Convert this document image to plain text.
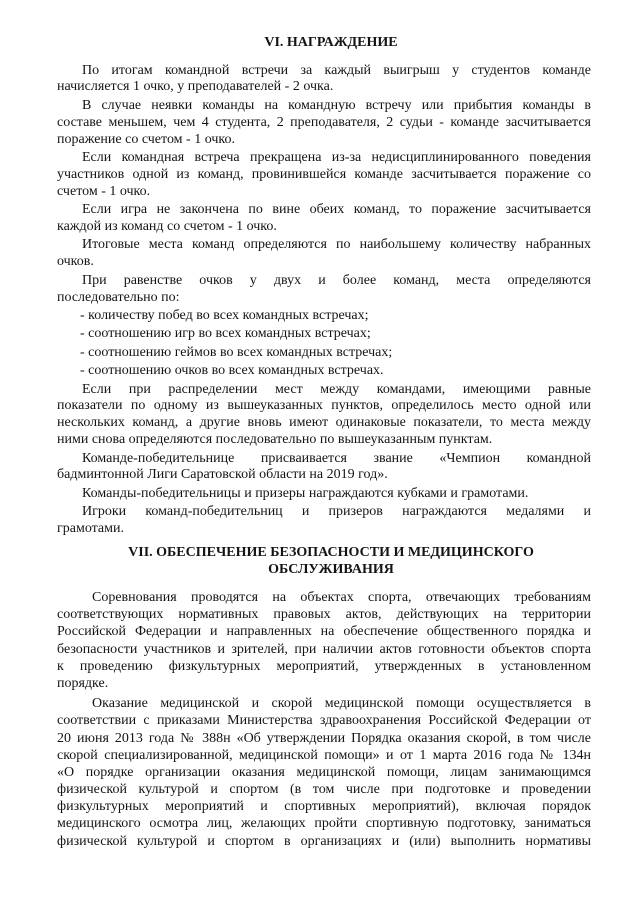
VI. НАГРАЖДЕНИЕ
По итогам командной встречи за каждый выигрыш у студентов команде
начисляется 1 очко, у преподавателей - 2 очка.
В случае неявки команды на командную встречу или прибытия команды в
составе меньшем, чем 4 студента, 2 преподавателя, 2 судьи - команде засчитывается
поражение со счетом - 1 очко.
Если командная встреча прекращена из-за недисциплинированного поведения
участников одной из команд, провинившейся команде засчитывается поражение со
счетом - 1 очко.
Если игра не закончена по вине обеих команд, то поражение засчитывается
каждой из команд со счетом - 1 очко.
Итоговые места команд определяются по наибольшему количеству набранных
очков.
При равенстве очков у двух и более команд, места определяются
последовательно по:
- количеству побед во всех командных встречах;
- соотношению игр во всех командных встречах;
- соотношению геймов во всех командных встречах;
- соотношению очков во всех командных встречах.
Если при распределении мест между командами, имеющими равные
показатели по одному из вышеуказанных пунктов, определилось место одной или
нескольких команд, а другие вновь имеют одинаковые показатели, то места между
ними снова определяются последовательно по вышеуказанным пунктам.
Команде-победительнице присваивается звание «Чемпион командной
бадминтонной Лиги Саратовской области на 2019 год».
Команды-победительницы и призеры награждаются кубками и грамотами.
Игроки команд-победительниц и призеров награждаются медалями и
грамотами.
VII. ОБЕСПЕЧЕНИЕ БЕЗОПАСНОСТИ И МЕДИЦИНСКОГО
ОБСЛУЖИВАНИЯ
Соревнования проводятся на объектах спорта, отвечающих требованиям
соответствующих нормативных правовых актов, действующих на территории
Российской Федерации и направленных на обеспечение общественного порядка и
безопасности участников и зрителей, при наличии актов готовности объектов спорта
к проведению физкультурных мероприятий, утвержденных в установленном
порядке.
Оказание медицинской и скорой медицинской помощи осуществляется в
соответствии с приказами Министерства здравоохранения Российской Федерации от
20 июня 2013 года № 388н «Об утверждении Порядка оказания скорой, в том числе
скорой специализированной, медицинской помощи» и от 1 марта 2016 года № 134н
«О порядке организации оказания медицинской помощи, лицам занимающимся
физической культурой и спортом (в том числе при подготовке и проведении
физкультурных мероприятий и спортивных мероприятий), включая порядок
медицинского осмотра лиц, желающих пройти спортивную подготовку, заниматься
физической культурой и спортом в организациях и (или) выполнить нормативы
